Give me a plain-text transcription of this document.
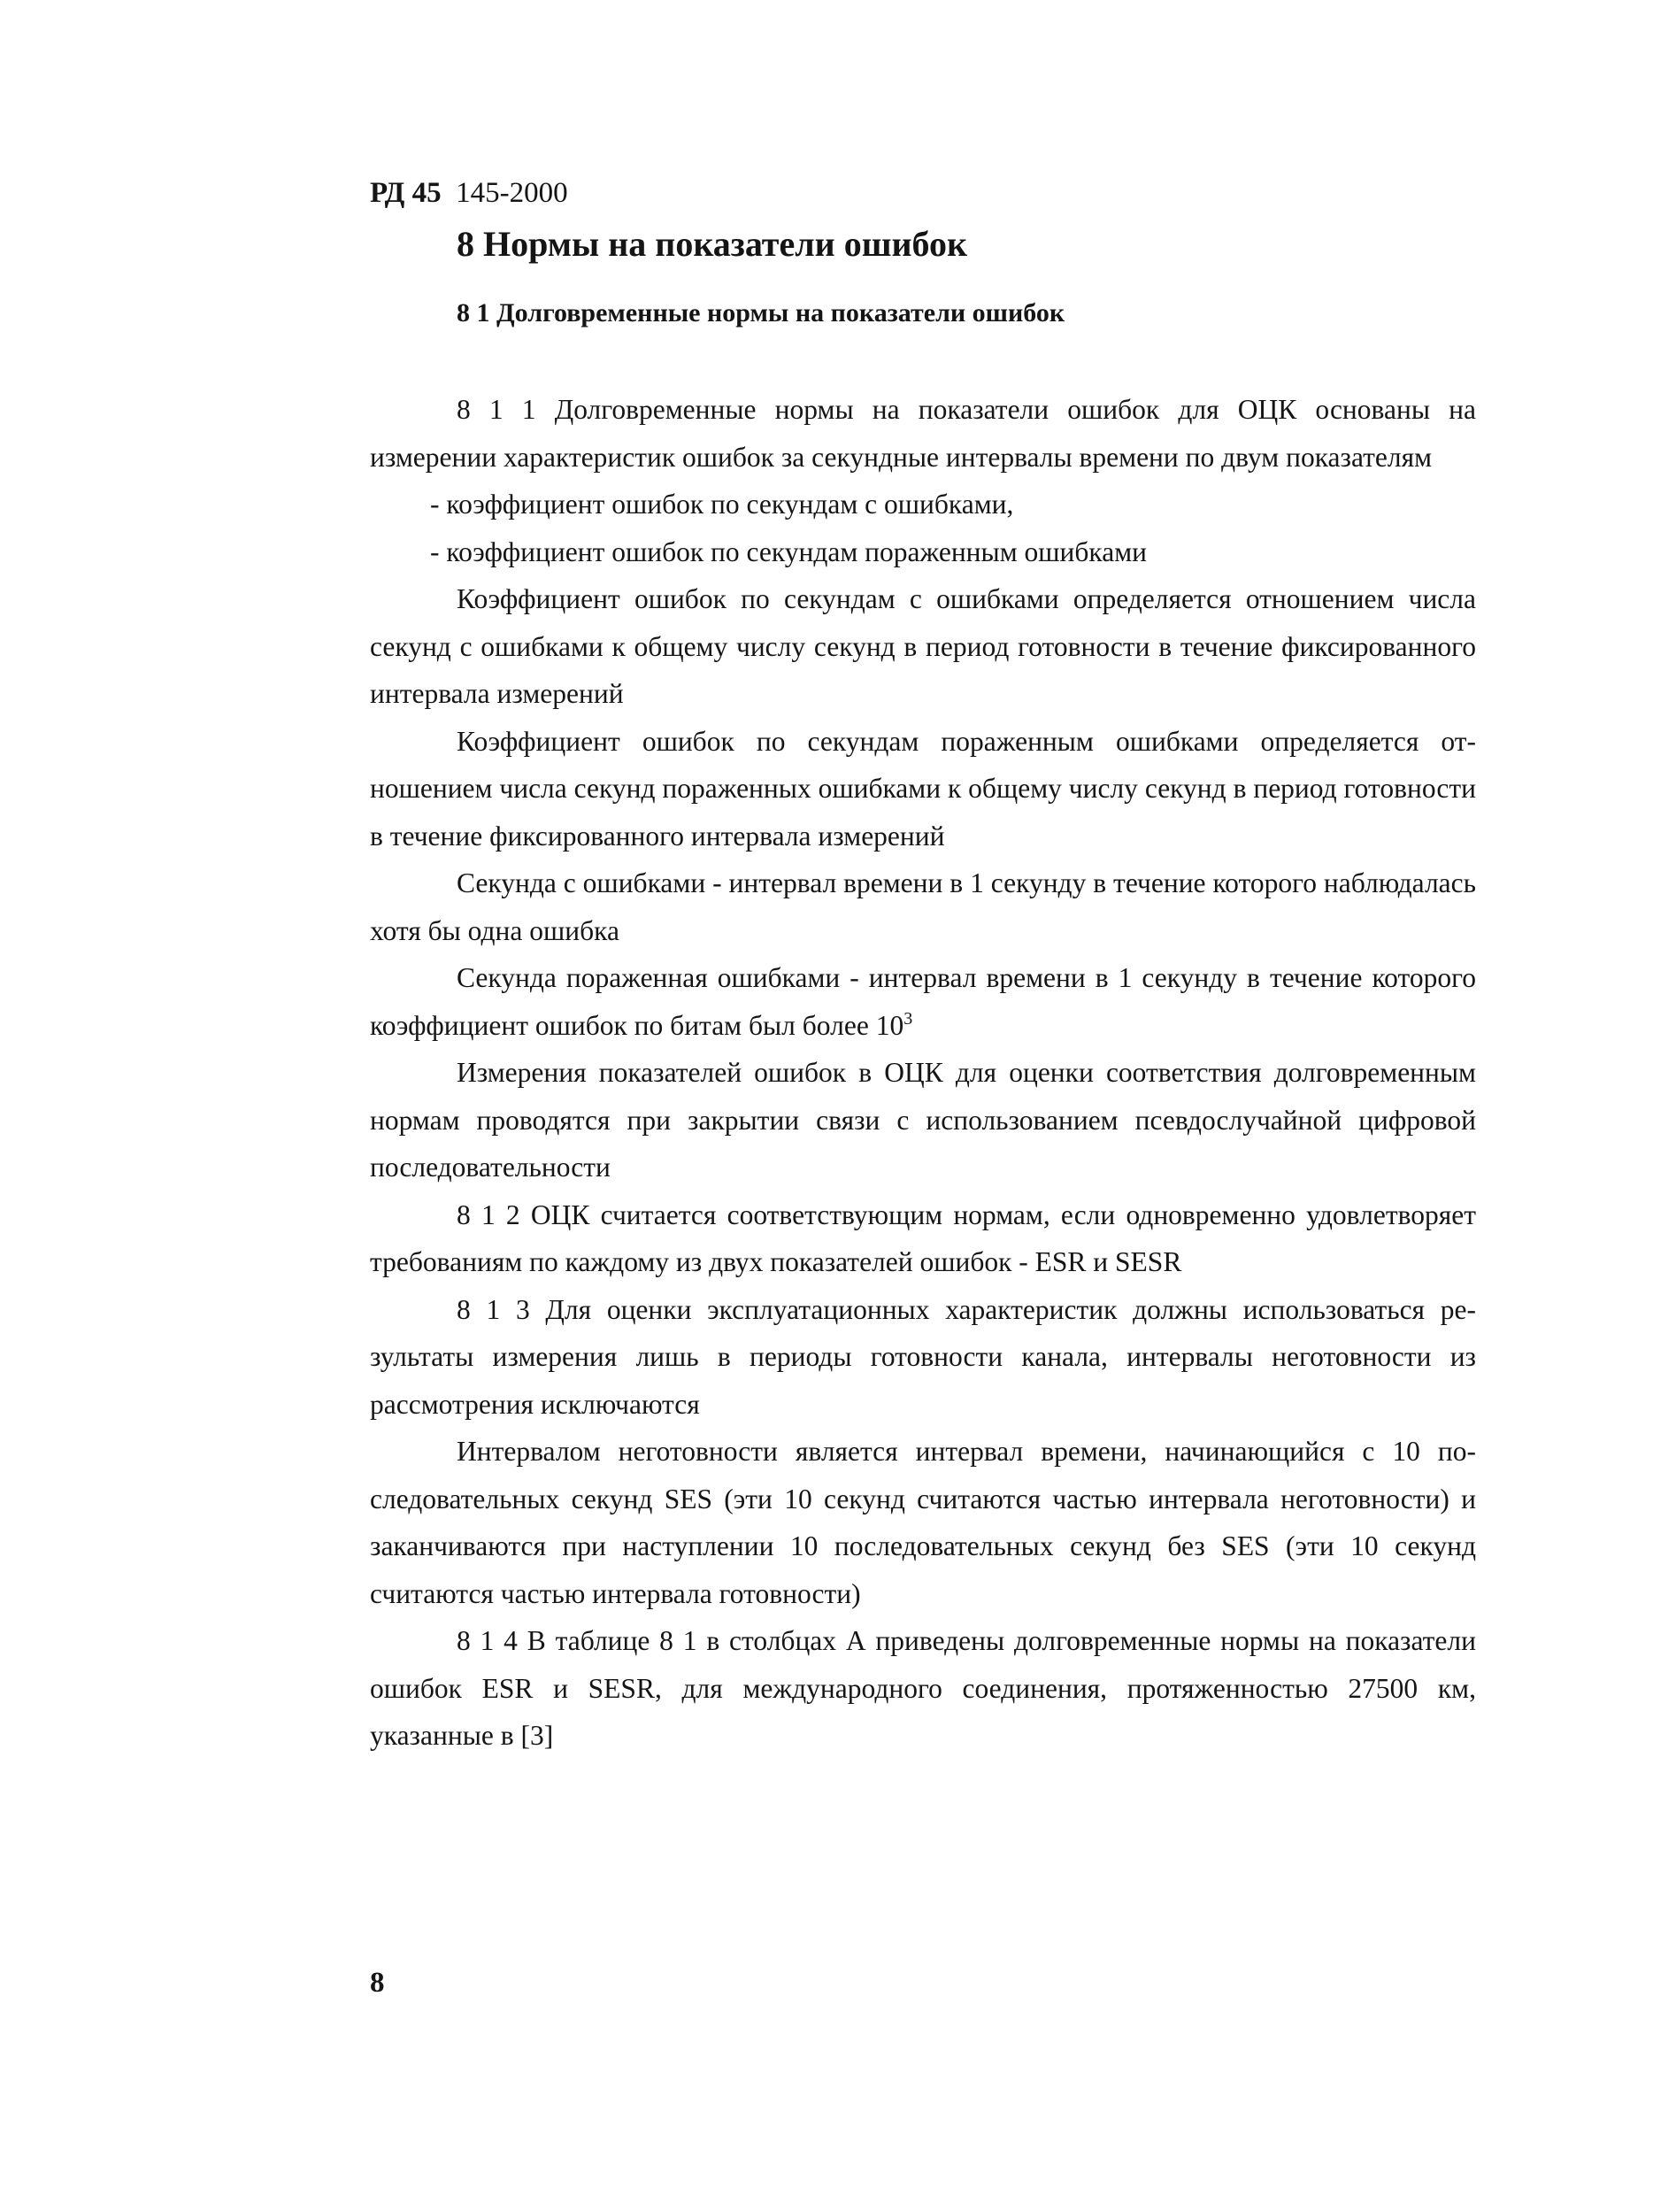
РД 45 145-2000
8 Нормы на показатели ошибок
8 1 Долговременные нормы на показатели ошибок

8 1 1 Долговременные нормы на показатели ошибок для ОЦК основаны на измерении характеристик ошибок за секундные интервалы времени по двум показателям

- коэффициент ошибок по секундам с ошибками,

- коэффициент ошибок по секундам пораженным ошибками

Коэффициент ошибок по секундам с ошибками определяется отношением числа секунд с ошибками к общему числу секунд в период готовности в течение фиксированного интервала измерений

Коэффициент ошибок по секундам пораженным ошибками определяется отношением числа секунд пораженных ошибками к общему числу секунд в период готовности в течение фиксированного интервала измерений

Секунда с ошибками - интервал времени в 1 секунду в течение которого наблюдалась хотя бы одна ошибка

Секунда пораженная ошибками - интервал времени в 1 секунду в течение которого коэффициент ошибок по битам был более $10^3$

Измерения показателей ошибок в ОЦК для оценки соответствия долговременным нормам проводятся при закрытии связи с использованием псевдослучайной цифровой последовательности

8 1 2 ОЦК считается соответствующим нормам, если одновременно удовлетворяет требованиям по каждому из двух показателей ошибок - ESR и SESR

8 1 3 Для оценки эксплуатационных характеристик должны использоваться результаты измерения лишь в периоды готовности канала, интервалы неготовности из рассмотрения исключаются

Интервалом неготовности является интервал времени, начинающийся с 10 последовательных секунд SES (эти 10 секунд считаются частью интервала неготовности) и заканчиваются при наступлении 10 последовательных секунд без SES (эти 10 секунд считаются частью интервала готовности)

8 1 4 В таблице 8 1 в столбцах А приведены долговременные нормы на показатели ошибок ESR и SESR, для международного соединения, протяженностью 27500 км, указанные в [3]

8
